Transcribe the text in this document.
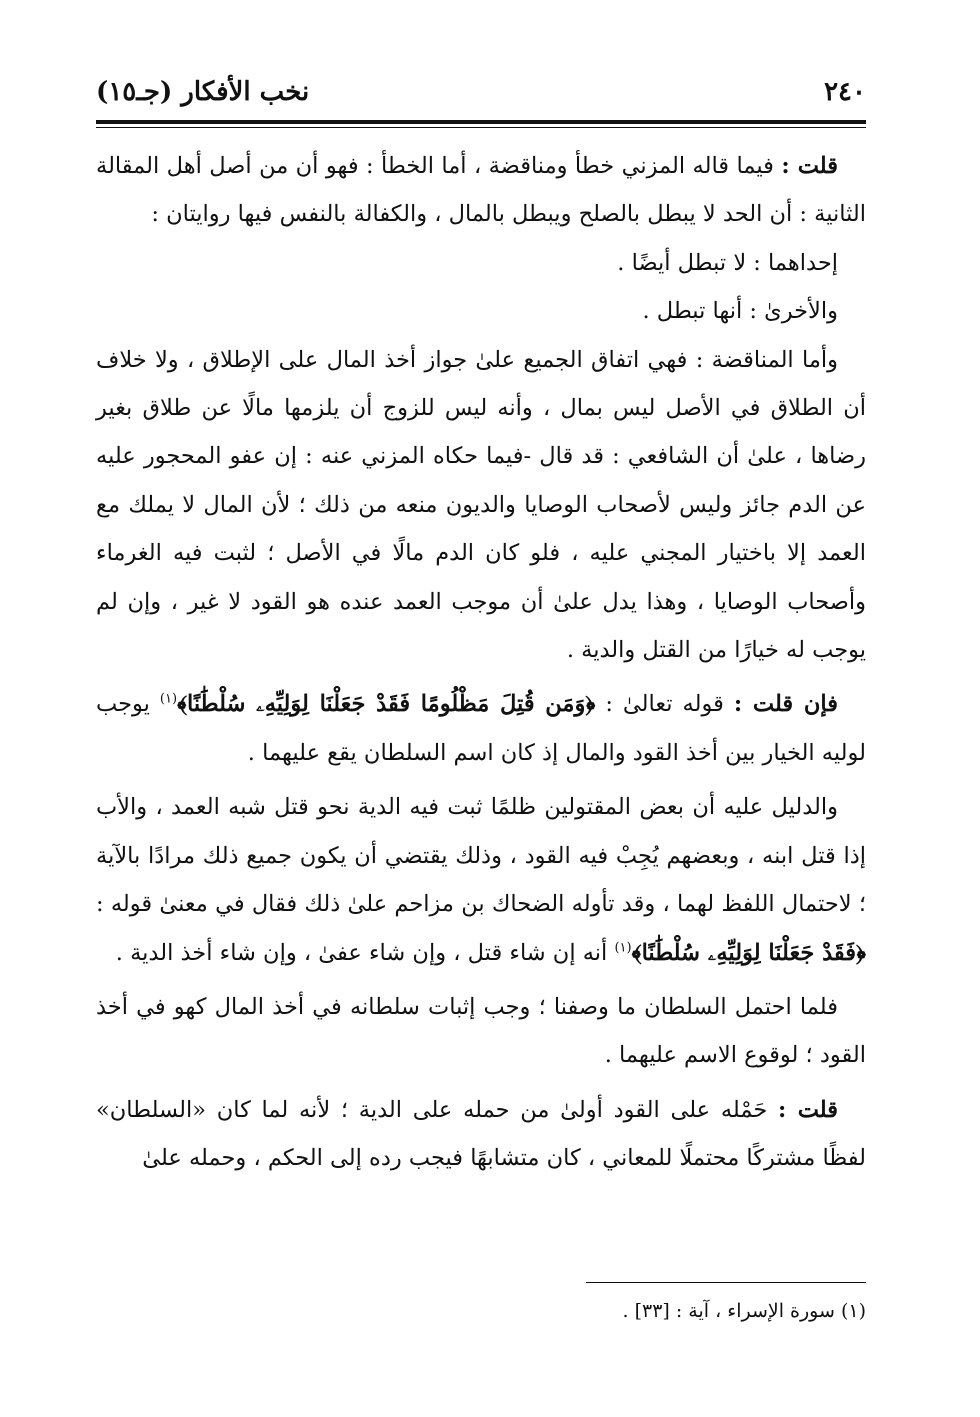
٢٤٠
نخب الأفكار (جـ١٥)

قلت : فيما قاله المزني خطأ ومناقضة ، أما الخطأ : فهو أن من أصل أهل المقالة الثانية : أن الحد لا يبطل بالصلح ويبطل بالمال ، والكفالة بالنفس فيها روايتان :

إحداهما : لا تبطل أيضًا .

والأخرىٰ : أنها تبطل .

وأما المناقضة : فهي اتفاق الجميع علىٰ جواز أخذ المال على الإطلاق ، ولا خلاف أن الطلاق في الأصل ليس بمال ، وأنه ليس للزوج أن يلزمها مالًا عن طلاق بغير رضاها ، علىٰ أن الشافعي : قد قال -فيما حكاه المزني عنه : إن عفو المحجور عليه عن الدم جائز وليس لأصحاب الوصايا والديون منعه من ذلك ؛ لأن المال لا يملك مع العمد إلا باختيار المجني عليه ، فلو كان الدم مالًا في الأصل ؛ لثبت فيه الغرماء وأصحاب الوصايا ، وهذا يدل علىٰ أن موجب العمد عنده هو القود لا غير ، وإن لم يوجب له خيارًا من القتل والدية .

فإن قلت : قوله تعالىٰ : ﴿وَمَن قُتِلَ مَظْلُومًا فَقَدْ جَعَلْنَا لِوَلِيِّهِۦ سُلْطَٰنًا﴾$^{(١)}$ يوجب لوليه الخيار بين أخذ القود والمال إذ كان اسم السلطان يقع عليهما .

والدليل عليه أن بعض المقتولين ظلمًا ثبت فيه الدية نحو قتل شبه العمد ، والأب إذا قتل ابنه ، وبعضهم يُجِبْ فيه القود ، وذلك يقتضي أن يكون جميع ذلك مرادًا بالآية ؛ لاحتمال اللفظ لهما ، وقد تأوله الضحاك بن مزاحم علىٰ ذلك فقال في معنىٰ قوله : ﴿فَقَدْ جَعَلْنَا لِوَلِيِّهِۦ سُلْطَٰنًا﴾$^{(١)}$ أنه إن شاء قتل ، وإن شاء عفىٰ ، وإن شاء أخذ الدية .

فلما احتمل السلطان ما وصفنا ؛ وجب إثبات سلطانه في أخذ المال كهو في أخذ القود ؛ لوقوع الاسم عليهما .

قلت : حَمْله على القود أولىٰ من حمله على الدية ؛ لأنه لما كان «السلطان» لفظًا مشتركًا محتملًا للمعاني ، كان متشابهًا فيجب رده إلى الحكم ، وحمله علىٰ

(١) سورة الإسراء ، آية : [٣٣] .
